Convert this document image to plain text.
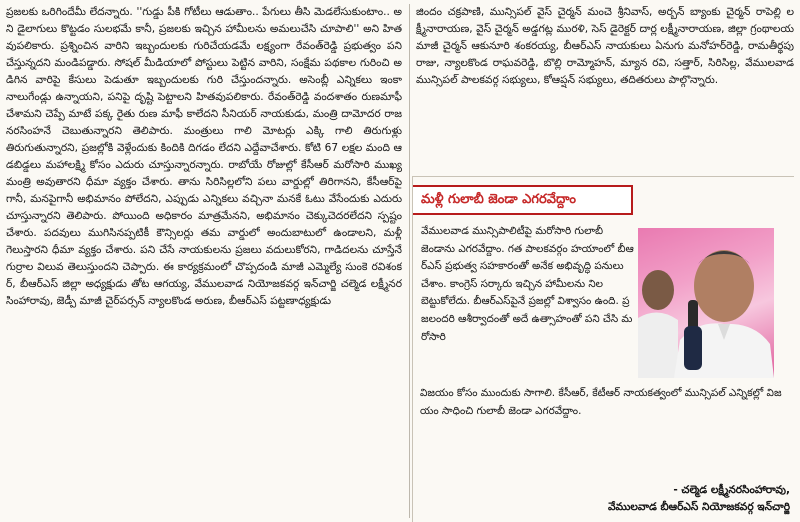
ప్రజలకు ఒరిగిందేమీ లేదన్నారు. ''గుడ్డు పీకి గోటీలు ఆడుతాం.. పేగులు తీసి మెడలేసుకుంటాం.. అని డైలాగులు కొట్టడం సులభమే కానీ, ప్రజలకు ఇచ్చిన హామీలను అమలుచేసి చూపాలి'' అని హితవుపలికారు. ప్రశ్నించిన వారిని ఇబ్బందులకు గురిచేయడమే లక్ష్యంగా రేవంత్‌రెడ్డి ప్రభుత్వం పని చేస్తున్నదని మండిపడ్డారు. సోషల్ మీడియాలో పోస్టులు పెట్టిన వారిని, సంక్షేమ పథకాల గురించి అడిగిన వారిపై కేసులు పెడుతూ ఇబ్బందులకు గురి చేస్తుందన్నారు. అసెంబ్లీ ఎన్నికలు ఇంకా నాలుగేండ్లు ఉన్నాయని, పనిపై దృష్టి పెట్టాలని హితవుపలికారు. రేవంత్‌రెడ్డి వందశాతం రుణమాఫీ చేశామని చెప్పే మాటే పక్క రైతు రుణ మాఫీ కాలేదని సీనియర్ నాయకుడు, మంత్రి దామోదర రాజనరసింహనే చెబుతున్నారని తెలిపారు. మంత్రులు గాలి మోటర్లు ఎక్కి గాలి తిరుగుళ్లు తిరుగుతున్నారని, ప్రజల్లోకి వెళ్లేందుకు కిందికి దిగడం లేదని ఎద్దేవాచేశారు. కోటి 67 లక్షల మంది ఆడబిడ్డలు మహాలక్ష్మి కోసం ఎదురు చూస్తున్నారన్నారు. రాబోయే రోజుల్లో కేసీఆర్ మరోసారి ముఖ్యమంత్రి అవుతారని ధీమా వ్యక్తం చేశారు. తాను సిరిసిల్లలోని పలు వార్డుల్లో తిరిగానని, కేసీఆర్‌పై గానీ, మనపైగానీ అభిమానం పోలేదని, ఎప్పుడు ఎన్నికలు వచ్చినా మనకే ఓటు వేసేందుకు ఎదురు చూస్తున్నారని తెలిపారు. పోయింది అధికారం మాత్రమేనని, అభిమానం చెక్కుచెదరలేదని స్పష్టం చేశారు. పదవులు ముగిసినప్పటికీ కౌన్సిలర్లు తమ వార్డులో అందుబాటులో ఉండాలని, మళ్లీ గెలుస్తారని ధీమా వ్యక్తం చేశారు. పని చేసే నాయకులను ప్రజలు వదులుకోరని, గాడిదలను చూస్తేనే గుర్రాల విలువ తెలుస్తుందని చెప్పారు. ఈ కార్యక్రమంలో చొప్పదండి మాజీ ఎమ్మెల్యే సుంకె రవిశంకర్, బీఆర్ఎస్ జిల్లా అధ్యక్షుడు తోట ఆగయ్య, వేములవాడ నియోజకవర్గ ఇన్‌చార్జి చల్మెడ లక్ష్మీనరసింహారావు, జెడ్పీ మాజీ చైర్‌పర్సన్ న్యాలకొండ అరుణ, బీఆర్ఎస్ పట్టణాధ్యక్షుడు

జిందం చక్రపాణి, మున్సిపల్ వైస్ చైర్మన్ మంచె శ్రీనివాస్, అర్బన్ బ్యాంకు చైర్మన్ రాపెల్లి లక్ష్మీనారాయణ, వైస్ చైర్మన్ అడ్డగట్ల మురళి, సెస్ డైరెక్టర్ దార్ల లక్ష్మీనారాయణ, జిల్లా గ్రంథాలయ మాజీ చైర్మన్ ఆకునూరి శంకరయ్య, బీఆర్ఎస్ నాయకులు ఏనుగు మనోహర్‌రెడ్డి, రామతీర్థపు రాజు, న్యాలకొండ రాఘవరెడ్డి, బొల్లి రామ్మోహన్, మ్యాన రవి, సత్తార్, సిరిసిల్ల, వేములవాడ మున్సిపల్ పాలకవర్గ సభ్యులు, కోఆప్షన్ సభ్యులు, తదితరులు పాల్గొన్నారు.

మళ్లీ గులాబీ జెండా ఎగరవేద్దాం

వేములవాడ మున్సిపాలిటీపై మరోసారి గులాబీ జెండాను ఎగరవేద్దాం. గత పాలకవర్గం హయాంలో బీఆర్ఎస్ ప్రభుత్వ సహకారంతో అనేక అభివృద్ధి పనులు చేశాం. కాంగ్రెస్ సర్కారు ఇచ్చిన హామీలను నిలబెట్టుకోలేదు. బీఆర్ఎస్‌పైనే ప్రజల్లో విశ్వాసం ఉంది. ప్రజలందరి ఆశీర్వాదంతో అదే ఉత్సాహంతో పని చేసి మరోసారి

విజయం కోసం ముందుకు సాగాలి. కేసీఆర్, కేటీఆర్ నాయకత్వంలో మున్సిపల్ ఎన్నికల్లో విజయం సాధించి గులాబీ జెండా ఎగరవేద్దాం.

- చల్మెడ లక్ష్మీనరసింహారావు,
వేములవాడ బీఆర్ఎస్ నియోజకవర్గ ఇన్‌చార్జి
